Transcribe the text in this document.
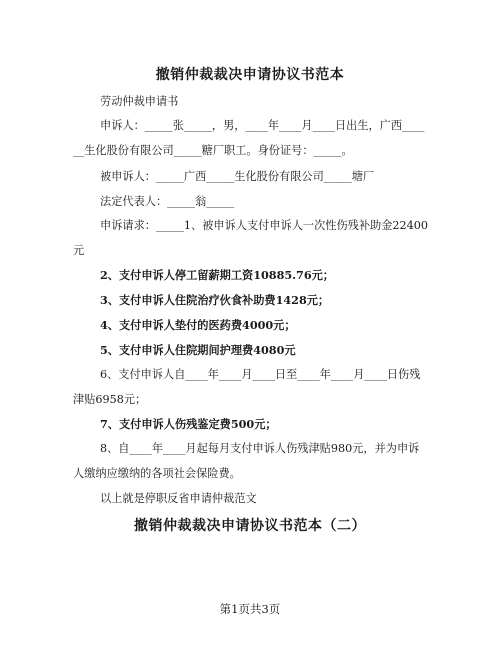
撤销仲裁裁决申请协议书范本
劳动仲裁申请书
申诉人：_____张_____，男，____年____月____日出生，广西____
__生化股份有限公司_____糖厂职工。身份证号：_____。
被申诉人：_____广西_____生化股份有限公司_____塘厂
法定代表人：_____翁_____
申诉请求：_____1、被申诉人支付申诉人一次性伤残补助金22400
元
2、支付申诉人停工留薪期工资10885.76元；
3、支付申诉人住院治疗伙食补助费1428元；
4、支付申诉人垫付的医药费4000元；
5、支付申诉人住院期间护理费4080元
6、支付申诉人自____年____月____日至____年____月____日伤残
津贴6958元；
7、支付申诉人伤残鉴定费500元；
8、自____年____月起每月支付申诉人伤残津贴980元，并为申诉
人缴纳应缴纳的各项社会保险费。
以上就是停职反省申请仲裁范文
撤销仲裁裁决申请协议书范本（二）
第1页共3页
